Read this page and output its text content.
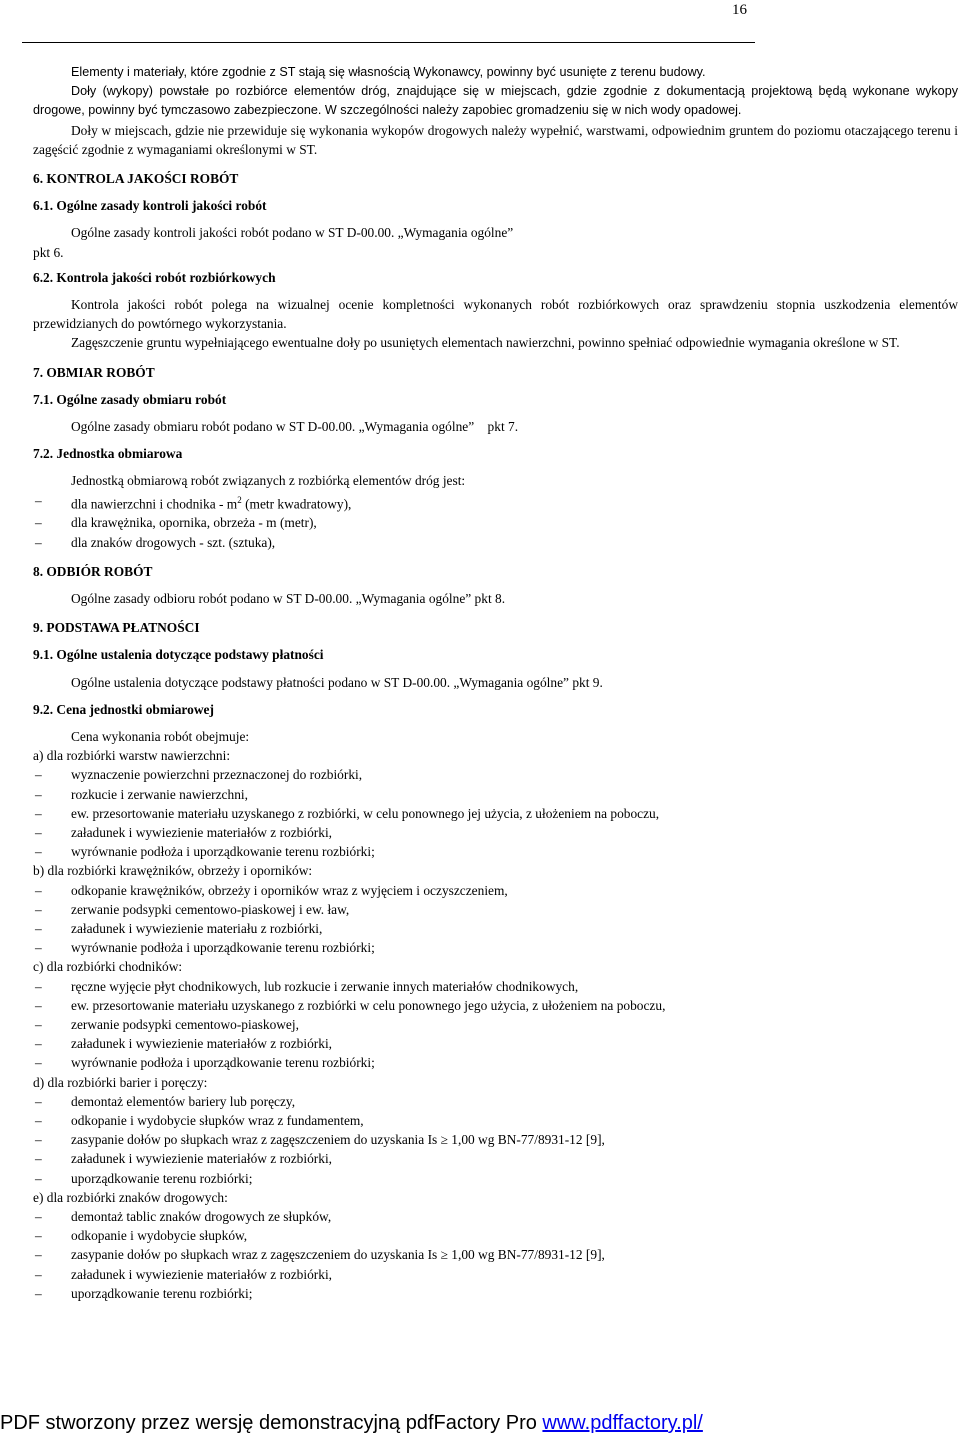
16

Elementy i materiały, które zgodnie z ST stają się własnością Wykonawcy, powinny być usunięte z terenu budowy.

Doły (wykopy) powstałe po rozbiórce elementów dróg, znajdujące się w miejscach, gdzie zgodnie z dokumentacją projektową będą wykonane wykopy drogowe, powinny być tymczasowo zabezpieczone. W szczególności należy zapobiec gromadzeniu się w nich wody opadowej.

Doły w miejscach, gdzie nie przewiduje się wykonania wykopów drogowych należy wypełnić, warstwami, odpowiednim gruntem do poziomu otaczającego terenu i zagęścić zgodnie z wymaganiami określonymi w ST.

6. KONTROLA JAKOŚCI ROBÓT
6.1. Ogólne zasady kontroli jakości robót

Ogólne zasady kontroli jakości robót podano w ST D-00.00. „Wymagania ogólne”

pkt 6.

6.2. Kontrola jakości robót rozbiórkowych

Kontrola jakości robót polega na wizualnej ocenie kompletności wykonanych robót rozbiórkowych oraz sprawdzeniu stopnia uszkodzenia elementów przewidzianych do powtórnego wykorzystania.

Zagęszczenie gruntu wypełniającego ewentualne doły po usuniętych elementach nawierzchni, powinno spełniać odpowiednie wymagania określone w ST.

7. OBMIAR ROBÓT
7.1. Ogólne zasady obmiaru robót

Ogólne zasady obmiaru robót podano w ST D-00.00. „Wymagania ogólne”    pkt 7.

7.2. Jednostka obmiarowa

Jednostką obmiarową robót związanych z rozbiórką elementów dróg jest:

– dla nawierzchni i chodnika - $m^2$ (metr kwadratowy),
– dla krawężnika, opornika, obrzeża - m (metr),
– dla znaków drogowych - szt. (sztuka),
8. ODBIÓR ROBÓT

Ogólne zasady odbioru robót podano w ST D-00.00. „Wymagania ogólne” pkt 8.

9. PODSTAWA PŁATNOŚCI
9.1. Ogólne ustalenia dotyczące podstawy płatności

Ogólne ustalenia dotyczące podstawy płatności podano w ST D-00.00. „Wymagania ogólne” pkt 9.

9.2. Cena jednostki obmiarowej

Cena wykonania robót obejmuje:

a) dla rozbiórki warstw nawierzchni:

– wyznaczenie powierzchni przeznaczonej do rozbiórki,
– rozkucie i zerwanie nawierzchni,
– ew. przesortowanie materiału uzyskanego z rozbiórki, w celu ponownego jej użycia, z ułożeniem na poboczu,
– załadunek i wywiezienie materiałów z rozbiórki,
– wyrównanie podłoża i uporządkowanie terenu rozbiórki;

b) dla rozbiórki krawężników, obrzeży i oporników:

– odkopanie krawężników, obrzeży i oporników wraz z wyjęciem i oczyszczeniem,
– zerwanie podsypki cementowo-piaskowej i ew. ław,
– załadunek i wywiezienie materiału z rozbiórki,
– wyrównanie podłoża i uporządkowanie terenu rozbiórki;

c) dla rozbiórki chodników:

– ręczne wyjęcie płyt chodnikowych, lub rozkucie i zerwanie innych materiałów chodnikowych,
– ew. przesortowanie materiału uzyskanego z rozbiórki w celu ponownego jego użycia, z ułożeniem na poboczu,
– zerwanie podsypki cementowo-piaskowej,
– załadunek i wywiezienie materiałów z rozbiórki,
– wyrównanie podłoża i uporządkowanie terenu rozbiórki;

d) dla rozbiórki barier i poręczy:

– demontaż elementów bariery lub poręczy,
– odkopanie i wydobycie słupków wraz z fundamentem,
– zasypanie dołów po słupkach wraz z zagęszczeniem do uzyskania Is ≥ 1,00 wg BN-77/8931-12 [9],
– załadunek i wywiezienie materiałów z rozbiórki,
– uporządkowanie terenu rozbiórki;

e) dla rozbiórki znaków drogowych:

– demontaż tablic znaków drogowych ze słupków,
– odkopanie i wydobycie słupków,
– zasypanie dołów po słupkach wraz z zagęszczeniem do uzyskania Is ≥ 1,00 wg BN-77/8931-12 [9],
– załadunek i wywiezienie materiałów z rozbiórki,
– uporządkowanie terenu rozbiórki;
PDF stworzony przez wersję demonstracyjną pdfFactory Pro www.pdffactory.pl/
